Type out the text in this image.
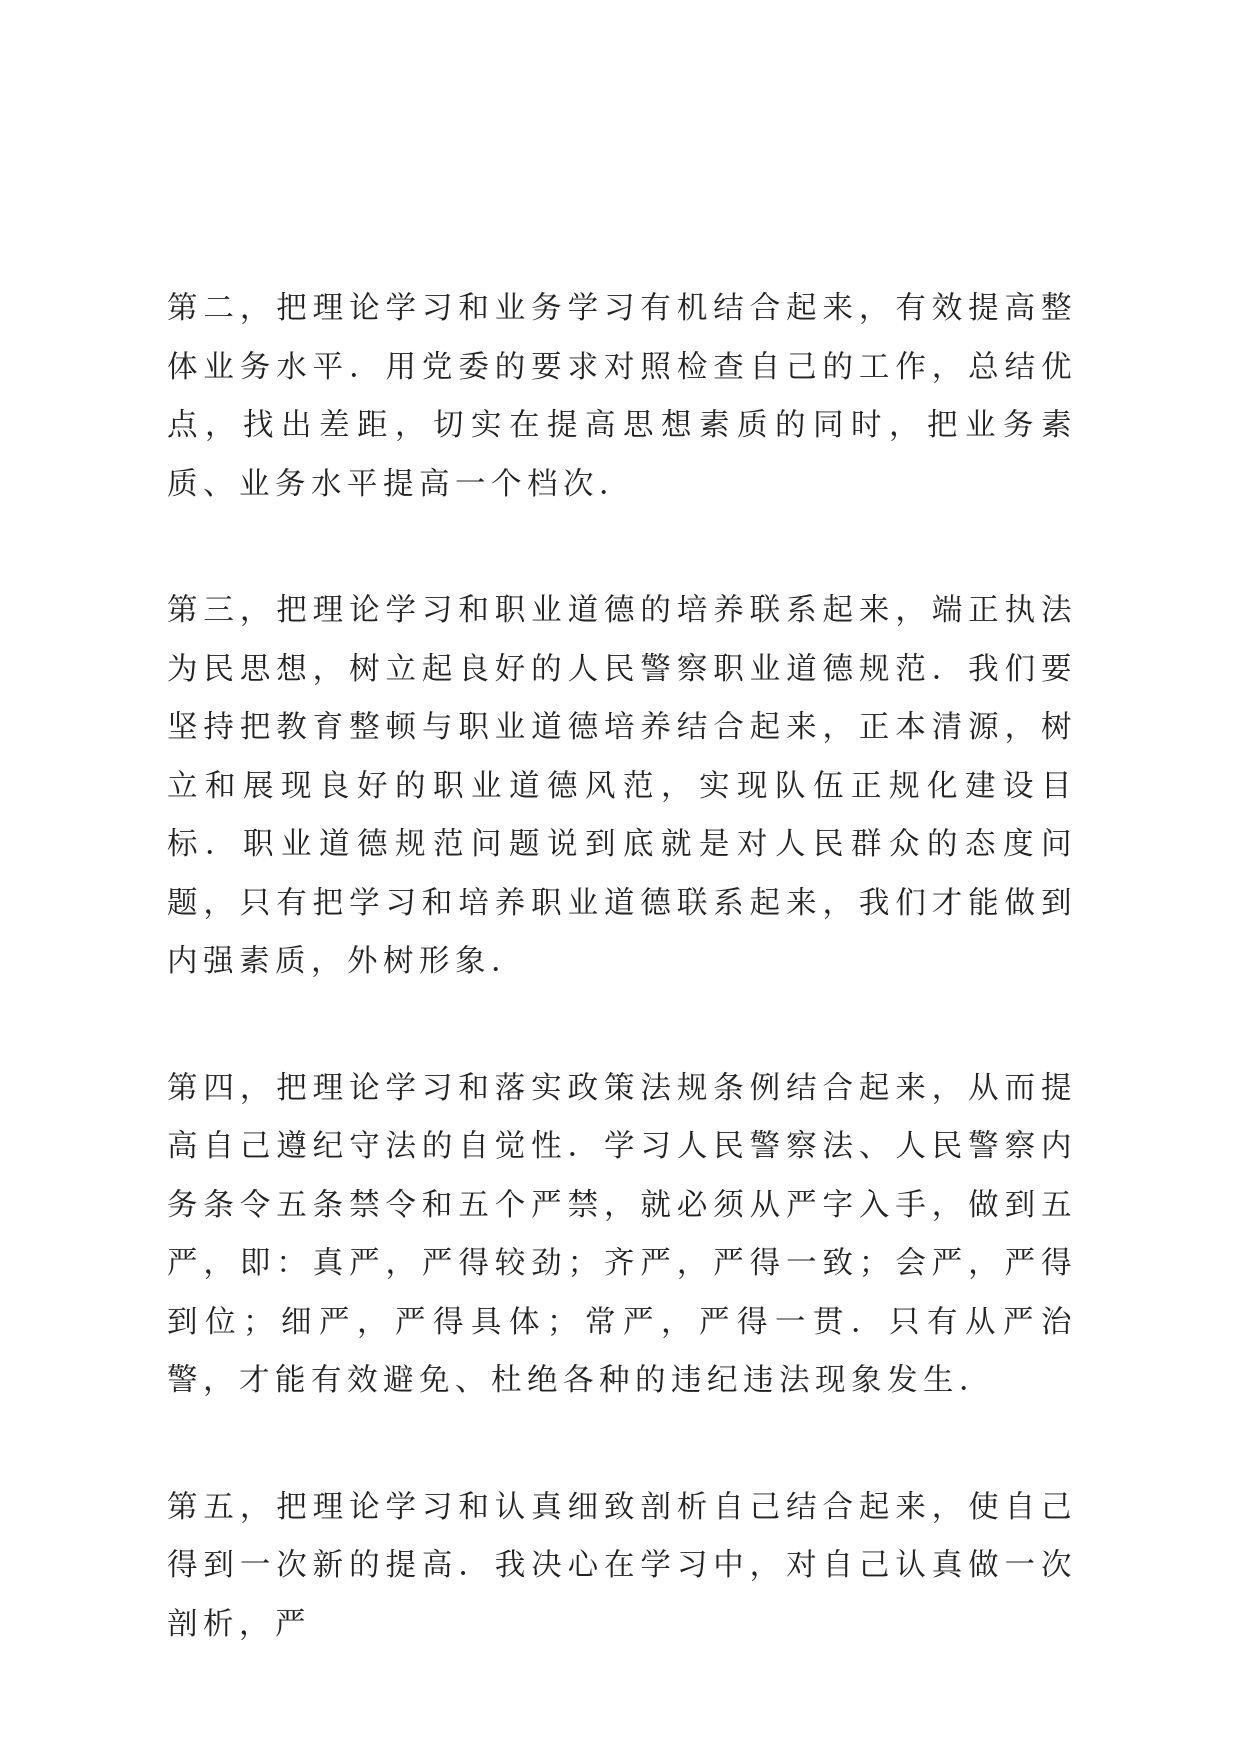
第二，把理论学习和业务学习有机结合起来，有效提高整体业务水平．用党委的要求对照检查自己的工作，总结优点，找出差距，切实在提高思想素质的同时，把业务素质、业务水平提高一个档次．

第三，把理论学习和职业道德的培养联系起来，端正执法为民思想，树立起良好的人民警察职业道德规范．我们要坚持把教育整顿与职业道德培养结合起来，正本清源，树立和展现良好的职业道德风范，实现队伍正规化建设目标．职业道德规范问题说到底就是对人民群众的态度问题，只有把学习和培养职业道德联系起来，我们才能做到内强素质，外树形象．

第四，把理论学习和落实政策法规条例结合起来，从而提高自己遵纪守法的自觉性．学习人民警察法、人民警察内务条令五条禁令和五个严禁，就必须从严字入手，做到五严，即：真严，严得较劲；齐严，严得一致；会严，严得到位；细严，严得具体；常严，严得一贯．只有从严治警，才能有效避免、杜绝各种的违纪违法现象发生．

第五，把理论学习和认真细致剖析自己结合起来，使自己得到一次新的提高．我决心在学习中，对自己认真做一次剖析，严
